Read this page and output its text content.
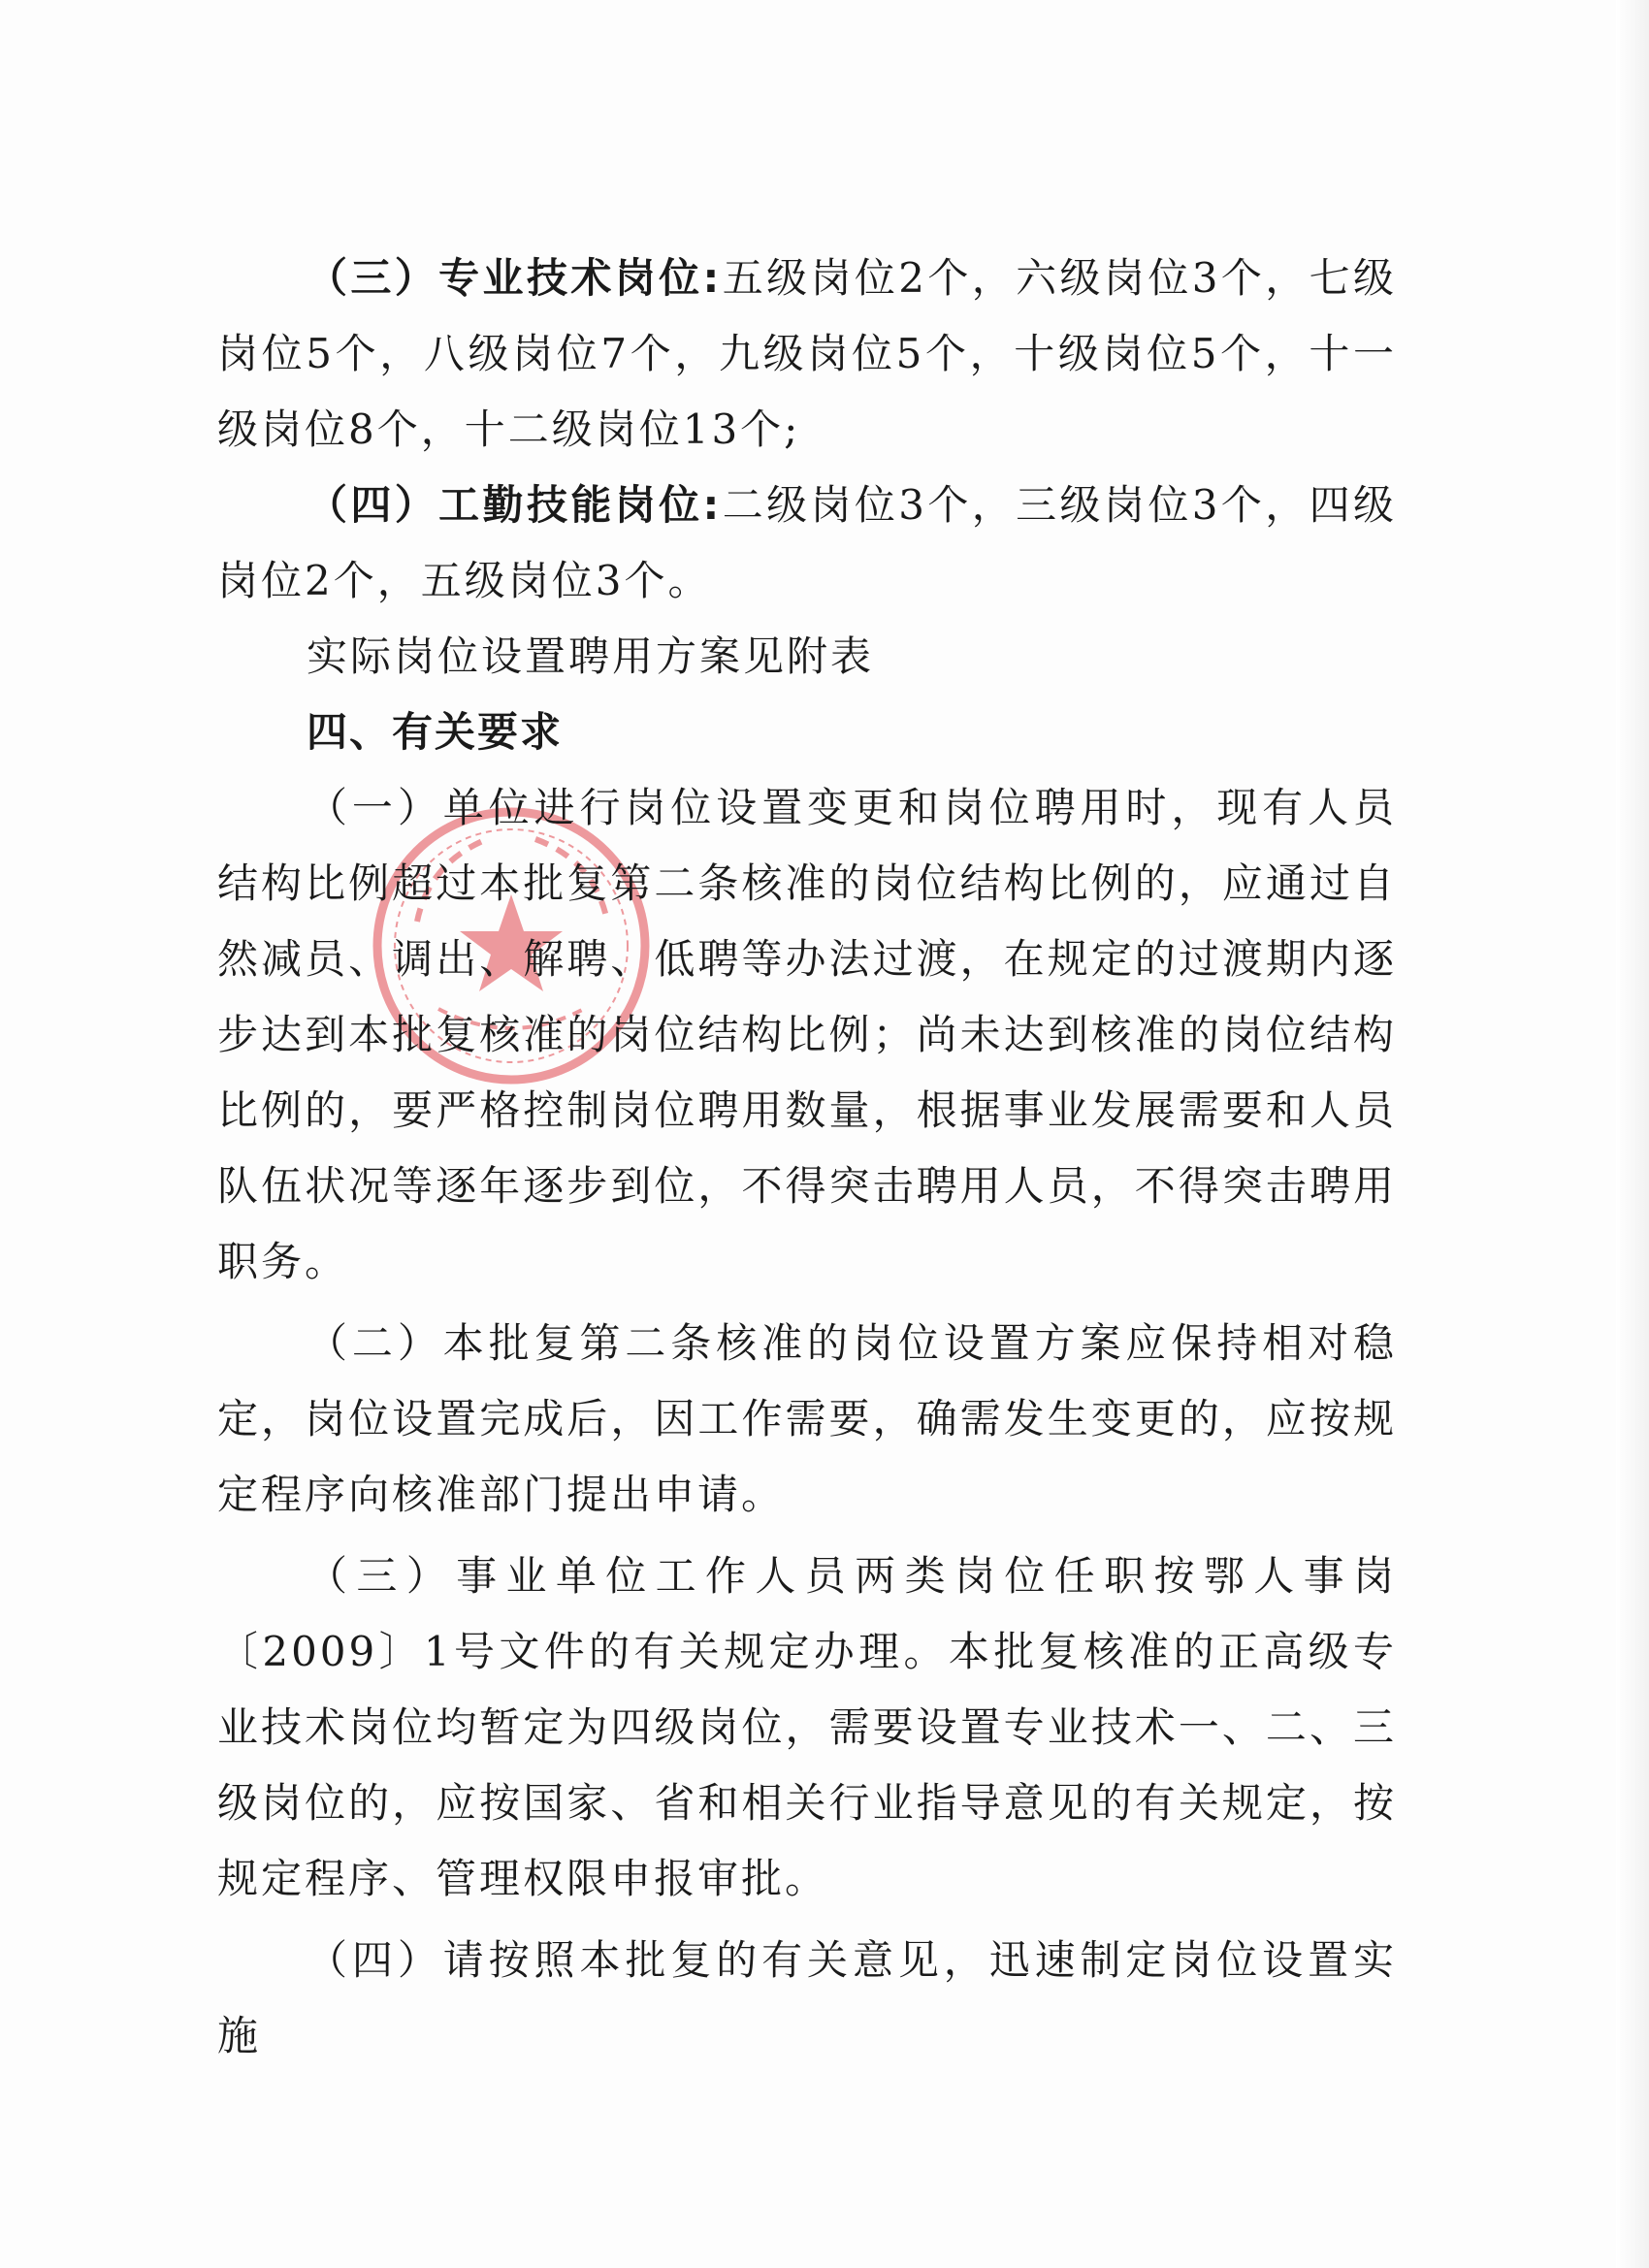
（三）专业技术岗位:五级岗位2个，六级岗位3个，七级岗位5个，八级岗位7个，九级岗位5个，十级岗位5个，十一级岗位8个，十二级岗位13个;

（四）工勤技能岗位:二级岗位3个，三级岗位3个，四级岗位2个，五级岗位3个。

实际岗位设置聘用方案见附表

四、有关要求

（一）单位进行岗位设置变更和岗位聘用时，现有人员结构比例超过本批复第二条核准的岗位结构比例的，应通过自然减员、调出、解聘、低聘等办法过渡，在规定的过渡期内逐步达到本批复核准的岗位结构比例；尚未达到核准的岗位结构比例的，要严格控制岗位聘用数量，根据事业发展需要和人员队伍状况等逐年逐步到位，不得突击聘用人员，不得突击聘用职务。

（二）本批复第二条核准的岗位设置方案应保持相对稳定，岗位设置完成后，因工作需要，确需发生变更的，应按规定程序向核准部门提出申请。

（三）事业单位工作人员两类岗位任职按鄂人事岗〔2009〕1号文件的有关规定办理。本批复核准的正高级专业技术岗位均暂定为四级岗位，需要设置专业技术一、二、三级岗位的，应按国家、省和相关行业指导意见的有关规定，按规定程序、管理权限申报审批。

（四）请按照本批复的有关意见，迅速制定岗位设置实施
